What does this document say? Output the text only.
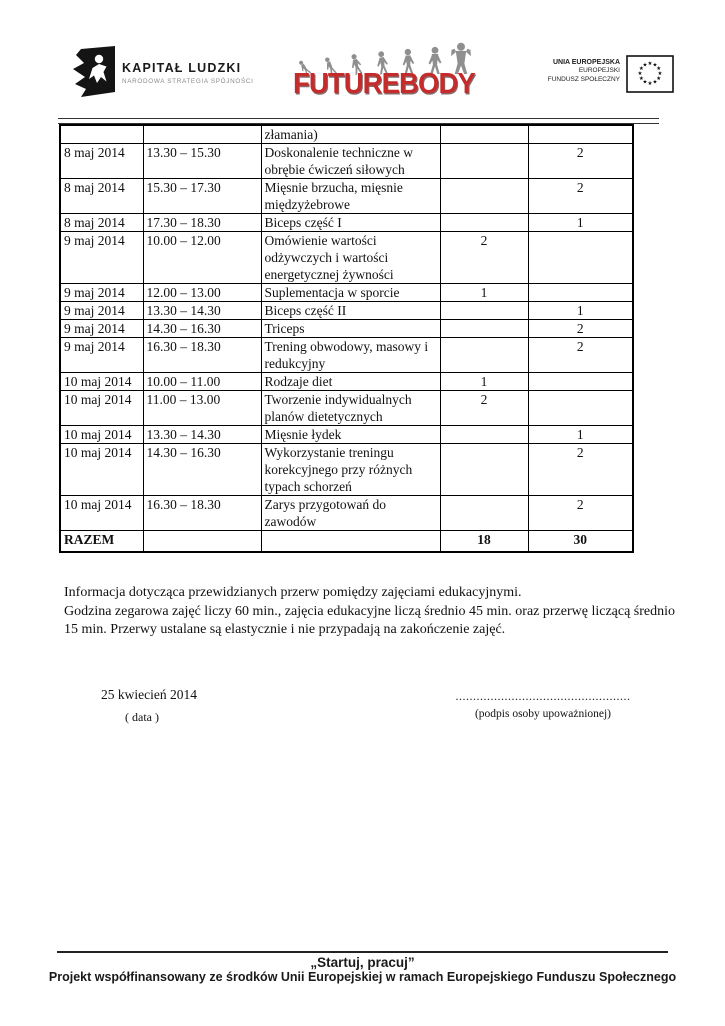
KAPITAŁ LUDZKI
NARODOWA STRATEGIA SPÓJNOŚCI FUTUREBODY
UNIA EUROPEJSKA
EUROPEJSKI
FUNDUSZ SPOŁECZNY
★ ★
★
★
★
★
★
★
★
★
★
★
		złamania)		
8 maj 2014	13.30 – 15.30	Doskonalenie techniczne w obrębie ćwiczeń siłowych		2
8 maj 2014	15.30 – 17.30	Mięsnie brzucha, mięsnie międzyżebrowe		2
8 maj 2014	17.30 – 18.30	Biceps część I		1
9 maj 2014	10.00 – 12.00	Omówienie wartości odżywczych i wartości energetycznej żywności	2	
9 maj 2014	12.00 – 13.00	Suplementacja w sporcie	1	
9 maj 2014	13.30 – 14.30	Biceps część II		1
9 maj 2014	14.30 – 16.30	Triceps		2
9 maj 2014	16.30 – 18.30	Trening obwodowy, masowy i redukcyjny		2
10 maj 2014	10.00 – 11.00	Rodzaje diet	1	
10 maj 2014	11.00 – 13.00	Tworzenie indywidualnych planów dietetycznych	2	
10 maj 2014	13.30 – 14.30	Mięsnie łydek		1
10 maj 2014	14.30 – 16.30	Wykorzystanie treningu korekcyjnego przy różnych typach schorzeń		2
10 maj 2014	16.30 – 18.30	Zarys przygotowań do zawodów		2
RAZEM			18	30
Informacja dotycząca przewidzianych przerw pomiędzy zajęciami edukacyjnymi.
Godzina zegarowa zajęć liczy 60 min., zajęcia edukacyjne liczą średnio 45 min. oraz przerwę liczącą średnio 15 min. Przerwy ustalane są elastycznie i nie przypadają na zakończenie zajęć.
25 kwiecień 2014
( data )
..................................................
(podpis osoby upoważnionej)
„Startuj, pracuj”
Projekt współfinansowany ze środków Unii Europejskiej w ramach Europejskiego Funduszu Społecznego
